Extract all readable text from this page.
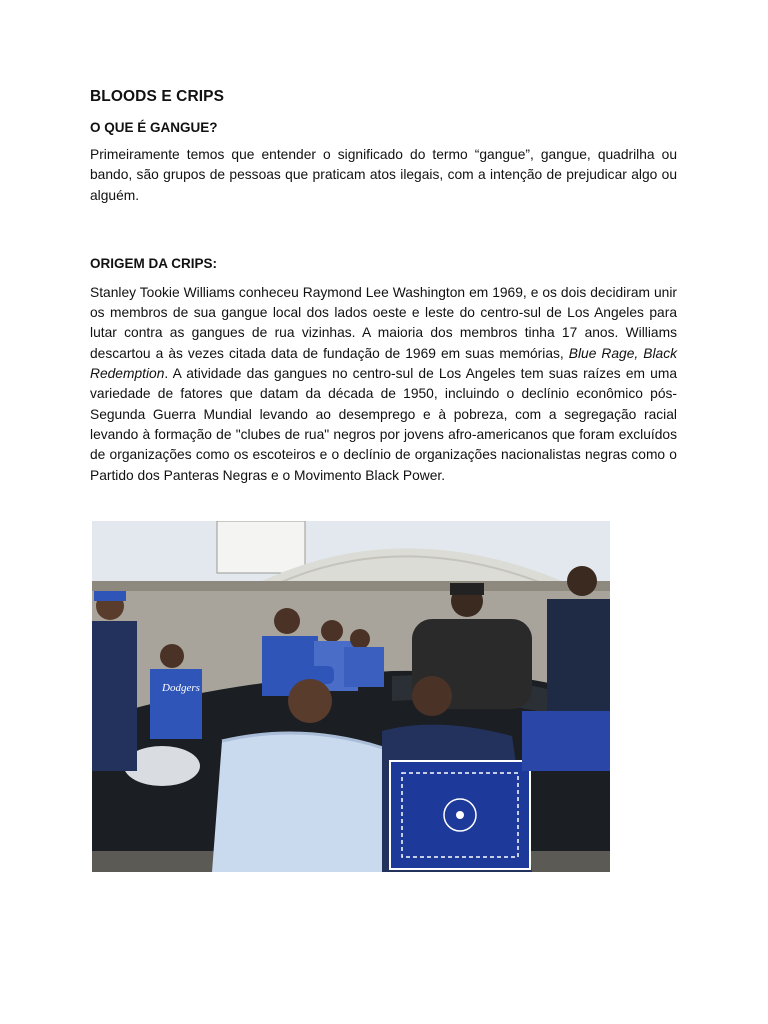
BLOODS E CRIPS
O QUE É GANGUE?

Primeiramente temos que entender o significado do termo “gangue”, gangue, quadrilha ou bando, são grupos de pessoas que praticam atos ilegais, com a intenção de prejudicar algo ou alguém.

ORIGEM DA CRIPS:

Stanley Tookie Williams conheceu Raymond Lee Washington em 1969, e os dois decidiram unir os membros de sua gangue local dos lados oeste e leste do centro-sul de Los Angeles para lutar contra as gangues de rua vizinhas. A maioria dos membros tinha 17 anos. Williams descartou a às vezes citada data de fundação de 1969 em suas memórias, Blue Rage, Black Redemption. A atividade das gangues no centro-sul de Los Angeles tem suas raízes em uma variedade de fatores que datam da década de 1950, incluindo o declínio econômico pós-Segunda Guerra Mundial levando ao desemprego e à pobreza, com a segregação racial levando à formação de "clubes de rua" negros por jovens afro-americanos que foram excluídos de organizações como os escoteiros e o declínio de organizações nacionalistas negras como o Partido dos Panteras Negras e o Movimento Black Power.

Dodgers
